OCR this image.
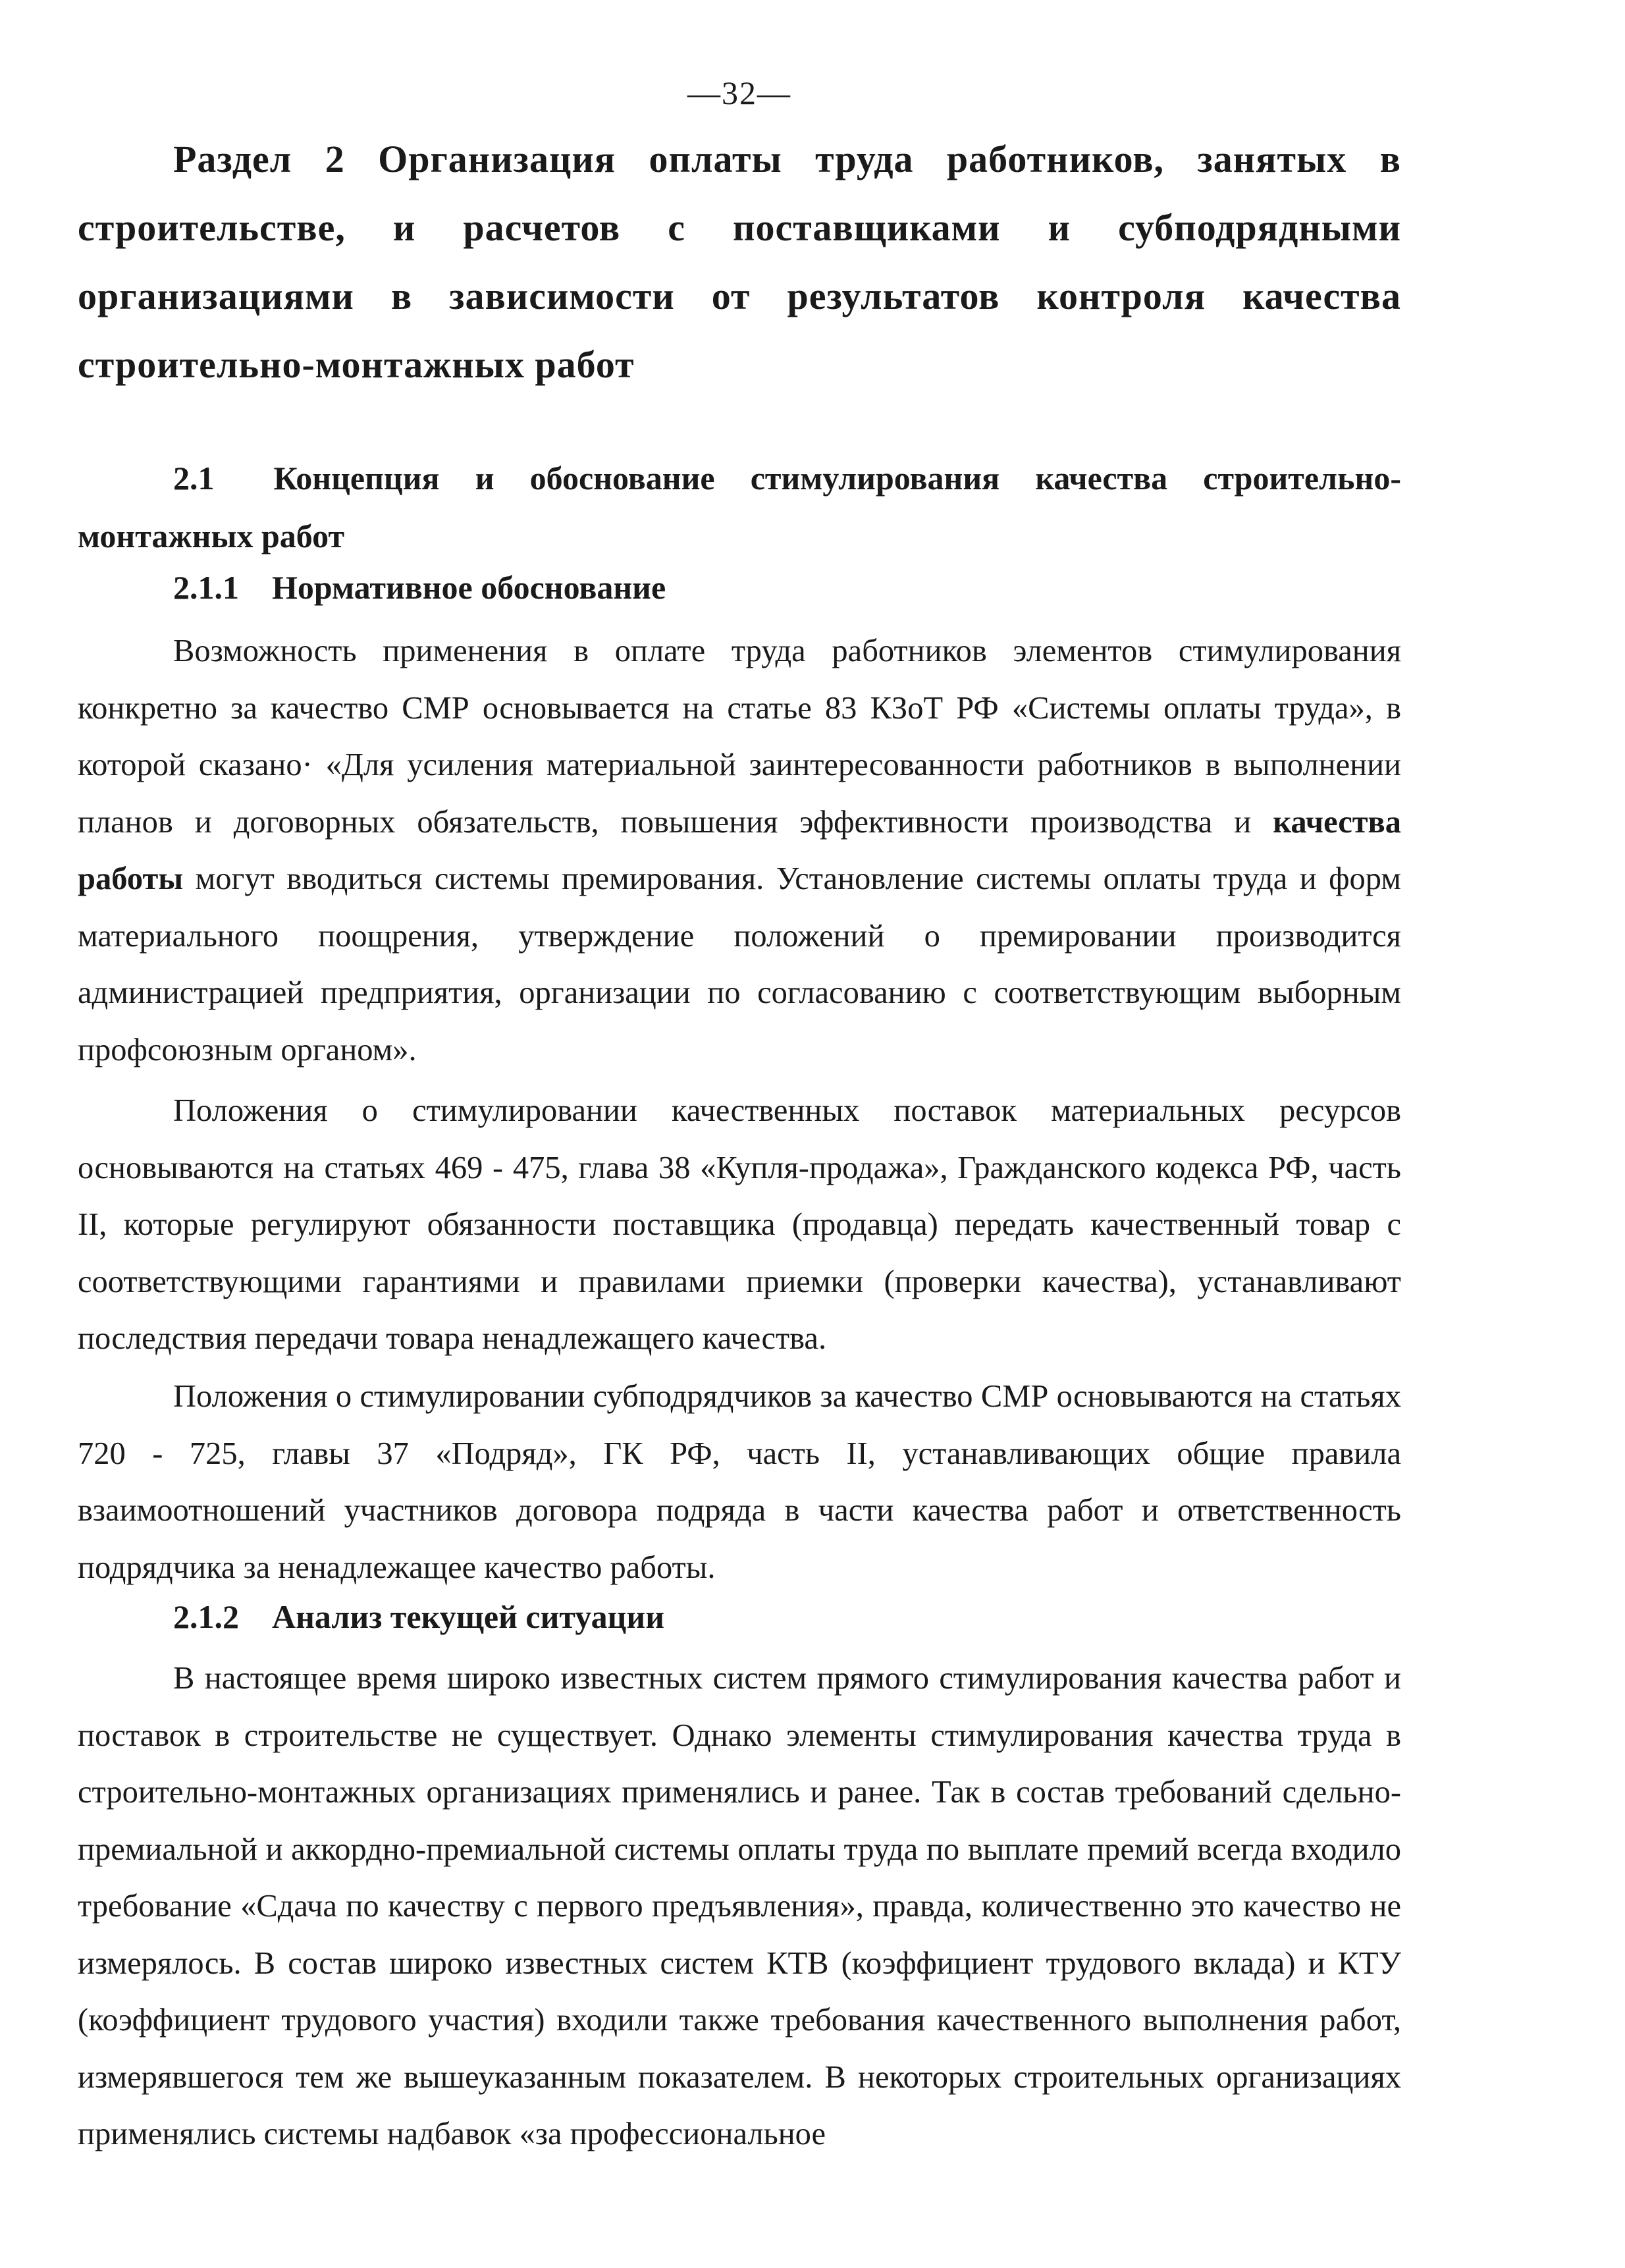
—32—
Раздел 2 Организация оплаты труда работников, занятых в строительстве, и расчетов с поставщиками и субподрядными организациями в зависимости от результатов контроля качества строительно-монтажных работ
2.1 Концепция и обоснование стимулирования качества строительно-монтажных работ
2.1.1 Нормативное обоснование
Возможность применения в оплате труда работников элементов стимулирования конкретно за качество СМР основывается на статье 83 КЗоТ РФ «Системы оплаты труда», в которой сказано· «Для усиления материальной заинтересованности работников в выполнении планов и договорных обязательств, повышения эффективности производства и качества работы могут вводиться системы премирования. Установление системы оплаты труда и форм материального поощрения, утверждение положений о премировании производится администрацией предприятия, организации по согласованию с соответствующим выборным профсоюзным органом».
Положения о стимулировании качественных поставок материальных ресурсов основываются на статьях 469 - 475, глава 38 «Купля-продажа», Гражданского кодекса РФ, часть II, которые регулируют обязанности поставщика (продавца) передать качественный товар с соответствующими гарантиями и правилами приемки (проверки качества), устанавливают последствия передачи товара ненадлежащего качества.
Положения о стимулировании субподрядчиков за качество СМР основываются на статьях 720 - 725, главы 37 «Подряд», ГК РФ, часть II, устанавливающих общие правила взаимоотношений участников договора подряда в части качества работ и ответственность подрядчика за ненадлежащее качество работы.
2.1.2 Анализ текущей ситуации
В настоящее время широко известных систем прямого стимулирования качества работ и поставок в строительстве не существует. Однако элементы стимулирования качества труда в строительно-монтажных организациях применялись и ранее. Так в состав требований сдельно-премиальной и аккордно-премиальной системы оплаты труда по выплате премий всегда входило требование «Сдача по качеству с первого предъявления», правда, количественно это качество не измерялось. В состав широко известных систем КТВ (коэффициент трудового вклада) и КТУ (коэффициент трудового участия) входили также требования качественного выполнения работ, измерявшегося тем же вышеуказанным показателем. В некоторых строительных организациях применялись системы надбавок «за профессиональное
